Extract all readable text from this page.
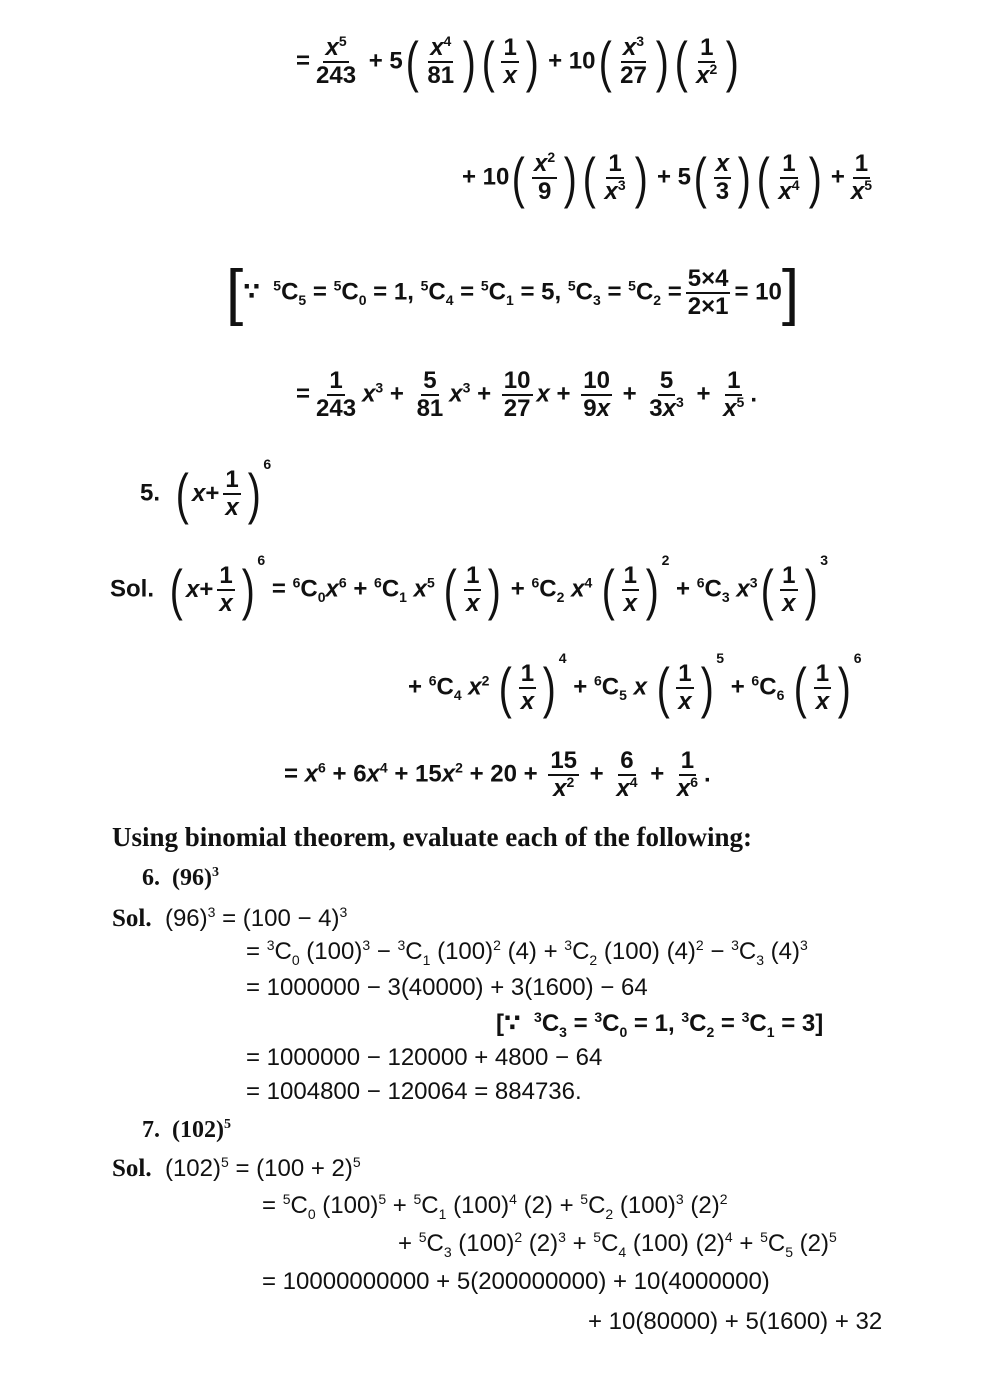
= $\frac{x^5}{243} + 5$ ( $\frac{x^4}{81}$ ) ( $\frac{1}{x}$ ) + 10 ( $\frac{x^3}{27}$ ) ( $\frac{1}{x^2}$ )
+ 10 ( $\frac{x^2}{9}$ ) ( $\frac{1}{x^3}$ ) + 5 ( $\frac{x}{3}$ ) ( $\frac{1}{x^4}$ ) + $\frac{1}{x^5}$
[∵  $^5C_5 = ^5C_0 = 1$, $^5C_4 = ^5C_1 = 5$, $^5C_3 = ^5C_2 = \frac{5\times 4}{2\times 1} = 10$]
= $\frac{1}{243} x^3 + \frac{5}{81} x^3 + \frac{10}{27}$ $x + \frac{10}{9x} + \frac{5}{3x^3} + \frac{1}{x^5}$ .
5. ( $x + \frac{1}{x}$ ) $^6$
Sol. ( $x + \frac{1}{x}$ ) $^6 = ^6C_0x^6 + ^6C_1$ $x^5$ ( $\frac{1}{x}$ ) + $^6C_2$ $x^4$ ( $\frac{1}{x}$ ) $^2 + ^6C_3$ $x^3$ ( $\frac{1}{x}$ ) $^3$
+ $^6C_4$ $x^2$ ( $\frac{1}{x}$ ) $^4 + ^6C_5$ x ( $\frac{1}{x}$ ) $^5 + ^6C_6$ ( $\frac{1}{x}$ ) $^6$
= $x^6 + 6x^4 + 15x^2 + 20 + \frac{15}{x^2} + \frac{6}{x^4} + \frac{1}{x^6}$ .
Using binomial theorem, evaluate each of the following:
6.  $(96)^3$
Sol.  $(96)^3 = (100 - 4)^3$
= $^3C_0$ $(100)^3 - ^3C_1$ $(100)^2$ $(4) + ^3C_2$ (100) $(4)^2 - ^3C_3$ $(4)^3$
= 1000000 − 3(40000) + 3(1600) − 64
[∵  $^3C_3 = ^3C_0 = 1$, $^3C_2 = ^3C_1 = 3$]
= 1000000 − 120000 + 4800 − 64
= 1004800 − 120064 = 884736.
7.  $(102)^5$
Sol.  $(102)^5 = (100 + 2)^5$
= $^5C_0$ $(100)^5 + ^5C_1$ $(100)^4$ $(2) + ^5C_2$ $(100)^3$ $(2)^2$
+ $^5C_3$ $(100)^2$ $(2)^3 + ^5C_4$ (100) $(2)^4 + ^5C_5$ $(2)^5$
= 10000000000 + 5(200000000) + 10(4000000)
+ 10(80000) + 5(1600) + 32
